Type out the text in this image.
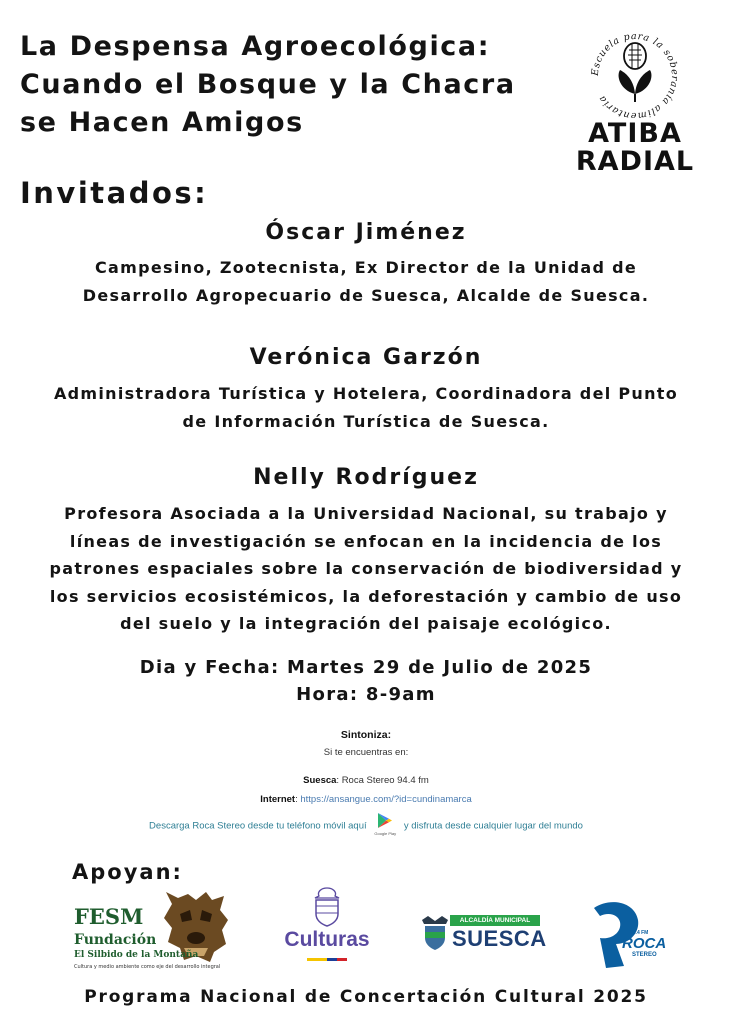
La Despensa Agroecológica:
Cuando el Bosque y la Chacra
se Hacen Amigos
Escuela para la soberanía alimentaria
ATIBA
RADIAL
Invitados:
Óscar Jiménez
Campesino, Zootecnista, Ex Director de la Unidad de
Desarrollo Agropecuario de Suesca, Alcalde de Suesca.
Verónica Garzón
Administradora Turística y Hotelera, Coordinadora del Punto
de Información Turística de Suesca.
Nelly Rodríguez
Profesora Asociada a la Universidad Nacional, su trabajo y
líneas de investigación se enfocan en la incidencia de los
patrones espaciales sobre la conservación de biodiversidad y
los servicios ecosistémicos, la deforestación y cambio de uso
del suelo y la integración del paisaje ecológico.
Dia y Fecha: Martes 29 de Julio de 2025
Hora: 8-9am
Sintoniza:
Si te encuentras en:
Suesca: Roca Stereo 94.4 fm
Internet: https://ansangue.com/?id=cundinamarca
Descarga Roca Stereo desde tu teléfono móvil aquí
Google Play
y disfruta desde cualquier lugar del mundo
Apoyan:
FESM
Fundación
El Silbido de la Montaña
Cultura y medio ambiente como eje del desarrollo integral
Culturas
ALCALDÍA MUNICIPAL
SUESCA	94.4 FM
ROCA
STEREO
Programa Nacional de Concertación Cultural 2025
